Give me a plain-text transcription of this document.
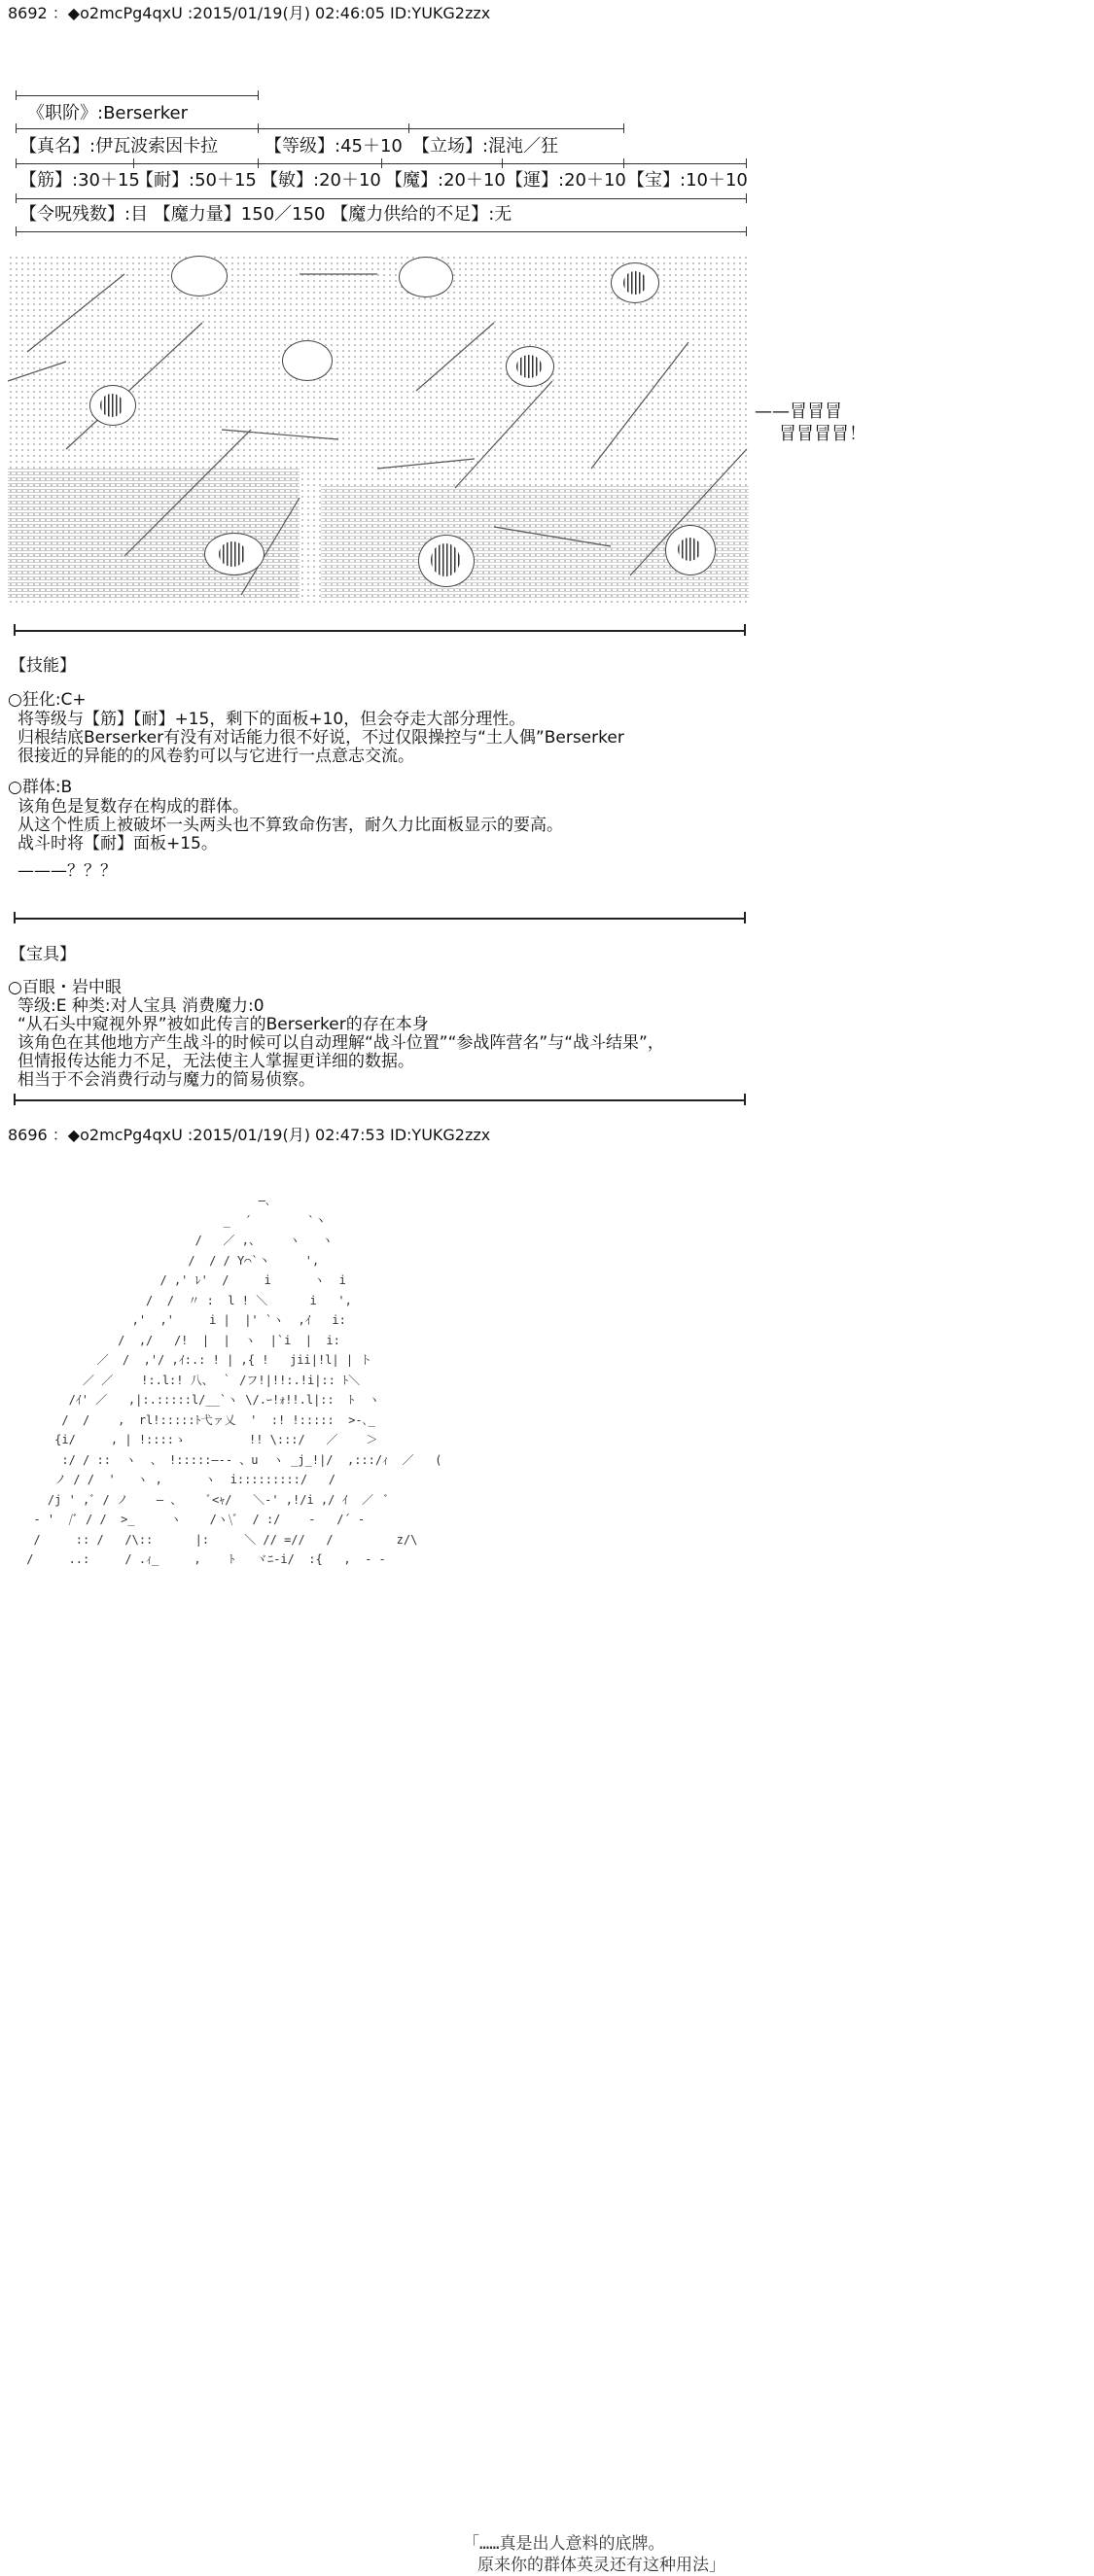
8692 ：◆o2mcPg4qxU :2015/01/19(月) 02:46:05 ID:YUKG2zzx
《职阶》:Berserker
【真名】:伊瓦波索因卡拉	【等级】:45＋10 【立场】:混沌／狂
【筋】:30＋15
【耐】:50＋15 【敏】:20＋10 【魔】:20＋10 【運】:20＋10 【宝】:10＋10
【令呪残数】:目 【魔力量】150／150 【魔力供给的不足】:无
——冒冒冒
冒冒冒冒！
【技能】
○狂化:C+
将等级与【筋】【耐】+15，剩下的面板+10，但会夺走大部分理性。
归根结底Berserker有没有对话能力很不好说，不过仅限操控与“土人偶”Berserker
很接近的异能的的风卷豹可以与它进行一点意志交流。
○群体:B
该角色是复数存在构成的群体。
从这个性质上被破坏一头两头也不算致命伤害，耐久力比面板显示的要高。
战斗时将【耐】面板+15。
———？？？
【宝具】
○百眼・岩中眼
等级:E 种类:对人宝具 消费魔力:0
“从石头中窥视外界”被如此传言的Berserker的存在本身
该角色在其他地方产生战斗的时候可以自动理解“战斗位置”“参战阵营名”与“战斗结果”，
但情报传达能力不足，无法使主人掌握更详细的数据。
相当于不会消费行动与魔力的简易侦察。
8696 ：◆o2mcPg4qxU :2015/01/19(月) 02:47:53 ID:YUKG2zzx
―､
_  ´        `丶
/   ／ ,、    ヽ   ヽ
/  / / Y⌒`丶     ',
/ ,' ﾚ'  /     i      ヽ  i
/  /  〃 :  l ! ＼      i   ',
,'  ,'     i |  |' `ヽ  ,ｲ   i:
/  ,/   /!  |  |  ヽ  |`i  |  i:
／  /  ,'/ ,ｲ:.: ! | ,{ !   jii|!l| | ト
／ ／    !:.l:! 八、 ｀ /フ!|!!:.!i|:: ﾄ＼
/ｲ' ／   ,|:.:::::l/__`ヽ \/.ｰ!ｫ!!.l|::  ﾄ  ヽ
/  /    ,  rl!:::::ﾄ弋ァ乂  '  :! !:::::  >-､_
{i/     , | !::::ゝ         !! \:::/   ／    ＞
:/ / ::  ヽ  、 !:::::―‐- 、u  ヽ _j_!|/  ,:::/ｨ  ／   (
ノ / /  '   ヽ ,      ヽ  i:::::::::/   /
/j ' ,ﾞ / ノ    ― 、    ﾞ<ｬ/   ＼-' ,!/i ,/ ｲ  ／  ﾞ
- '  /ﾞ / /  >_     ヽ    /ヽ\ﾞ  / :/    -   /´ -
/     :: /   /\::      |:     ＼ // =//   /         z/\
/     ..:     / .ｨ_     ,    ﾄ   ヾﾆ-i/  :{   ,  ‐ ‐

「……真是出人意料的底牌。

原来你的群体英灵还有这种用法」
